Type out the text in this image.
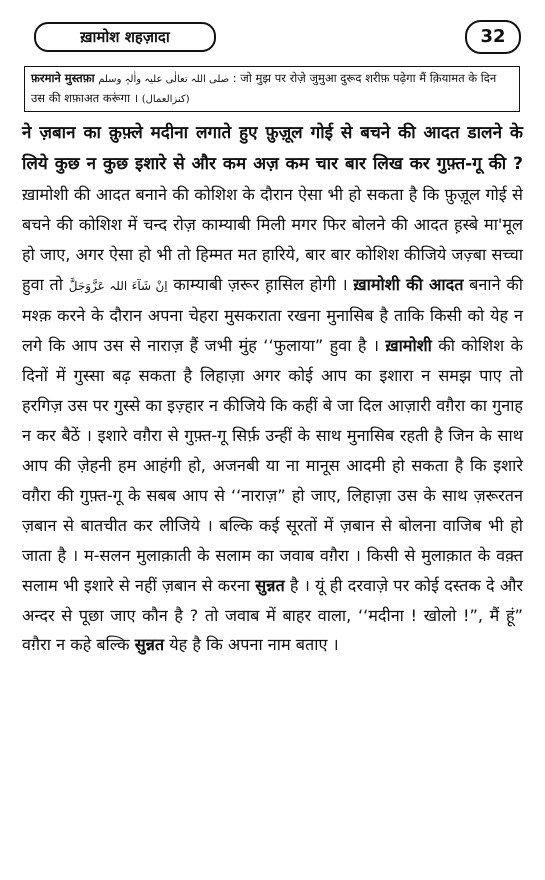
ख़ामोश शहज़ादा	32
फ़रमाने मुस्तफ़ा صلی اللہ تعالٰی علیہ واٰلہٖ وسلم : जो मुझ पर रोजे़ जुमुआ दुरूद शरीफ़ पढ़ेगा मैं क़ियामत के दिन उस की शफ़ाअत करूंगा । (کنزالعمال)
ने ज़बान का क़ुफ़्ले मदीना लगाते हुए फ़ुज़ूल गोई से बचने की आदत डालने के लिये कुछ न कुछ इशारे से और कम अज़ कम चार बार लिख कर गुफ़्त-गू की ? ख़ामोशी की आदत बनाने की कोशिश के दौरान ऐसा भी हो सकता है कि फ़ुज़ूल गोई से बचने की कोशिश में चन्द रोज़ काम्याबी मिली मगर फिर बोलने की आदत ह़स्बे मा'मूल हो जाए, अगर ऐसा हो भी तो हिम्मत मत हारिये, बार बार कोशिश कीजिये जज़्बा सच्चा हुवा तो اِنْ شَآءَ اللہ عَزَّوَجَلَّ काम्याबी ज़रूर ह़ासिल होगी । ख़ामोशी की आदत बनाने की मश्क़ करने के दौरान अपना चेहरा मुसकराता रखना मुनासिब है ताकि किसी को येह न लगे कि आप उस से नाराज़ हैं जभी मुंह ‘‘फुलाया” हुवा है । ख़ामोशी की कोशिश के दिनों में गुस्सा बढ़ सकता है लिहाज़ा अगर कोई आप का इशारा न समझ पाए तो हरगिज़ उस पर गुस्से का इज़्हार न कीजिये कि कहीं बे जा दिल आज़ारी वग़ैरा का गुनाह न कर बैठें । इशारे वग़ैरा से गुफ़्त-गू सिर्फ़ उन्हीं के साथ मुनासिब रहती है जिन के साथ आप की ज़ेहनी हम आहंगी हो, अजनबी या ना मानूस आदमी हो सकता है कि इशारे वग़ैरा की गुफ़्त-गू के सबब आप से ‘‘नाराज़” हो जाए, लिहाज़ा उस के साथ ज़रूरतन ज़बान से बातचीत कर लीजिये । बल्कि कई सूरतों में ज़बान से बोलना वाजिब भी हो जाता है । म-सलन मुलाक़ाती के सलाम का जवाब वग़ैरा । किसी से मुलाक़ात के वक़्त सलाम भी इशारे से नहीं ज़बान से करना सुन्नत है । यूं ही दरवाज़े पर कोई दस्तक दे और अन्दर से पूछा जाए कौन है ? तो जवाब में बाहर वाला, ‘‘मदीना ! खोलो !”, मैं हूं” वग़ैरा न कहे बल्कि सुन्नत येह है कि अपना नाम बताए ।
